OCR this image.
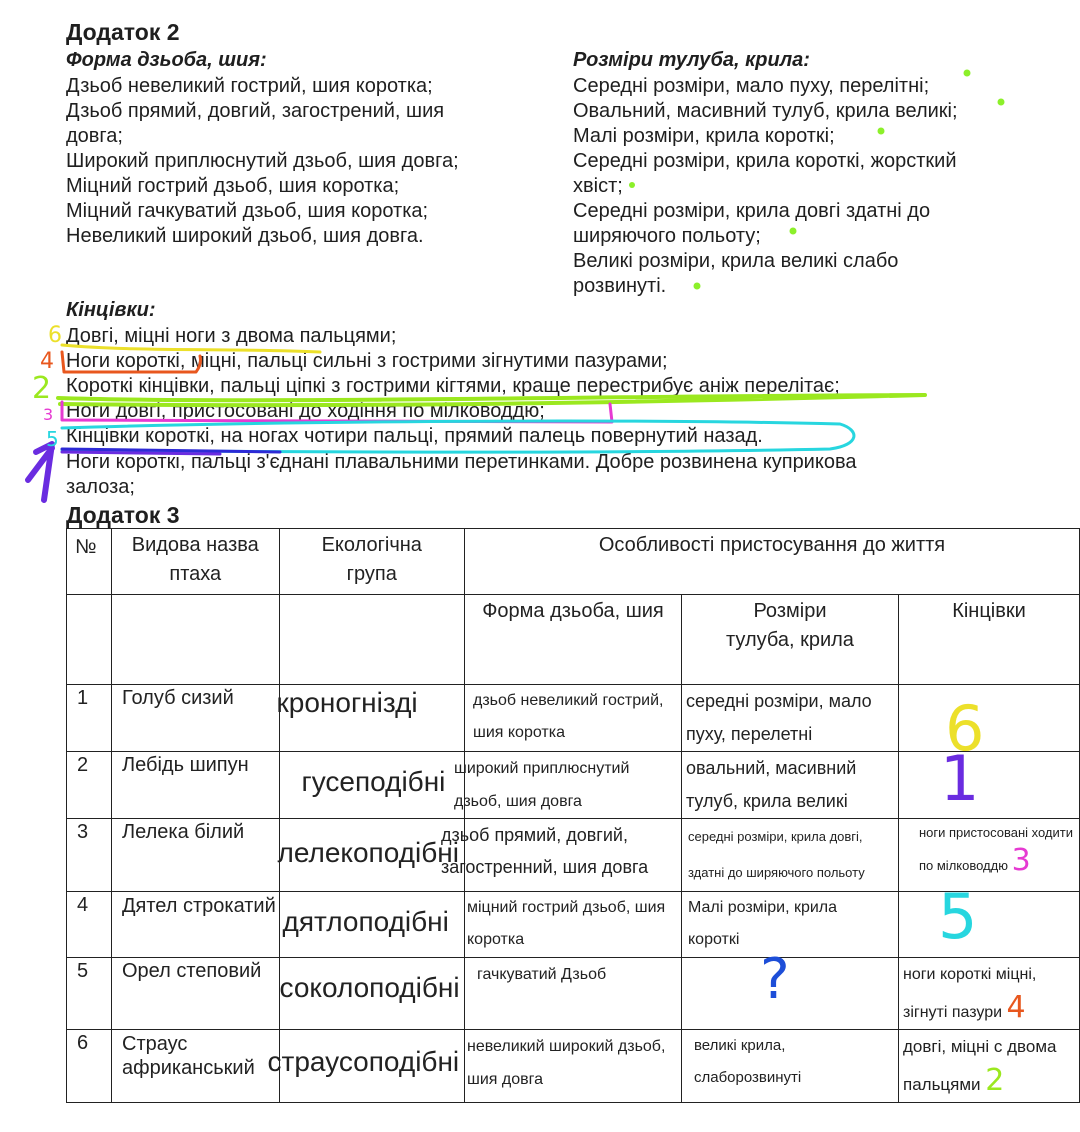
Додаток 2
Форма дзьоба, шия:
Дзьоб невеликий гострий, шия коротка;
Дзьоб прямий, довгий, загострений, шия
довга;
Широкий приплюснутий дзьоб, шия довга;
Міцний гострий дзьоб, шия коротка;
Міцний гачкуватий дзьоб, шия коротка;
Невеликий широкий дзьоб, шия довга.
Розміри тулуба, крила:
Середні розміри, мало пуху, перелітні;
Овальний, масивний тулуб, крила великі;
Малі розміри, крила короткі;
Середні розміри, крила короткі, жорсткий
хвіст;
Середні розміри, крила довгі здатні до
ширяючого польоту;
Великі розміри, крила великі слабо
розвинуті.
Кінцівки:
Довгі, міцні ноги з двома пальцями;
Ноги короткі, міцні, пальці сильні з гострими зігнутими пазурами;
Короткі кінцівки, пальці ціпкі з гострими кігтями, краще перестрибує аніж перелітає;
Ноги довгі, пристосовані до ходіння по мілководдю;
Кінцівки короткі, на ногах чотири пальці, прямий палець повернутий назад.
Ноги короткі, пальці з'єднані плавальними перетинками. Добре розвинена куприкова
залоза;
Додаток 3
№	Видова назва птаха	Екологічна група	Особливості пристосування до життя		

			Форма дзьоба, шия	Розміри тулуба, крила	Кінцівки

1	Голуб сизий	кроногнізді	дзьоб невеликий гострий, шия коротка	середні розміри, мало пуху, перелетні	

2	Лебідь шипун	гусеподібні	широкий приплюснутий дзьоб, шия довга	овальний, масивний тулуб, крила великі	

3	Лелека білий	лелекоподібні	дзьоб прямий, довгий, загостренний, шия довга	середні розміри, крила довгі, здатні до ширяючого польоту	ноги пристосовані ходити по мілководдю 3

4	Дятел строкатий	дятлоподібні	міцний гострий дзьоб, шия коротка	Малі розміри, крила короткі	

5	Орел степовий	соколоподібні	гачкуватий Дзьоб		ноги короткі міцні, зігнуті пазури 4

6	Страус африканський	страусоподібні	невеликий широкий дзьоб, шия довга	великі крила, слаборозвинуті	довгі, міцні с двома пальцями 2
6
4
2
3
5
6
1
5
?
